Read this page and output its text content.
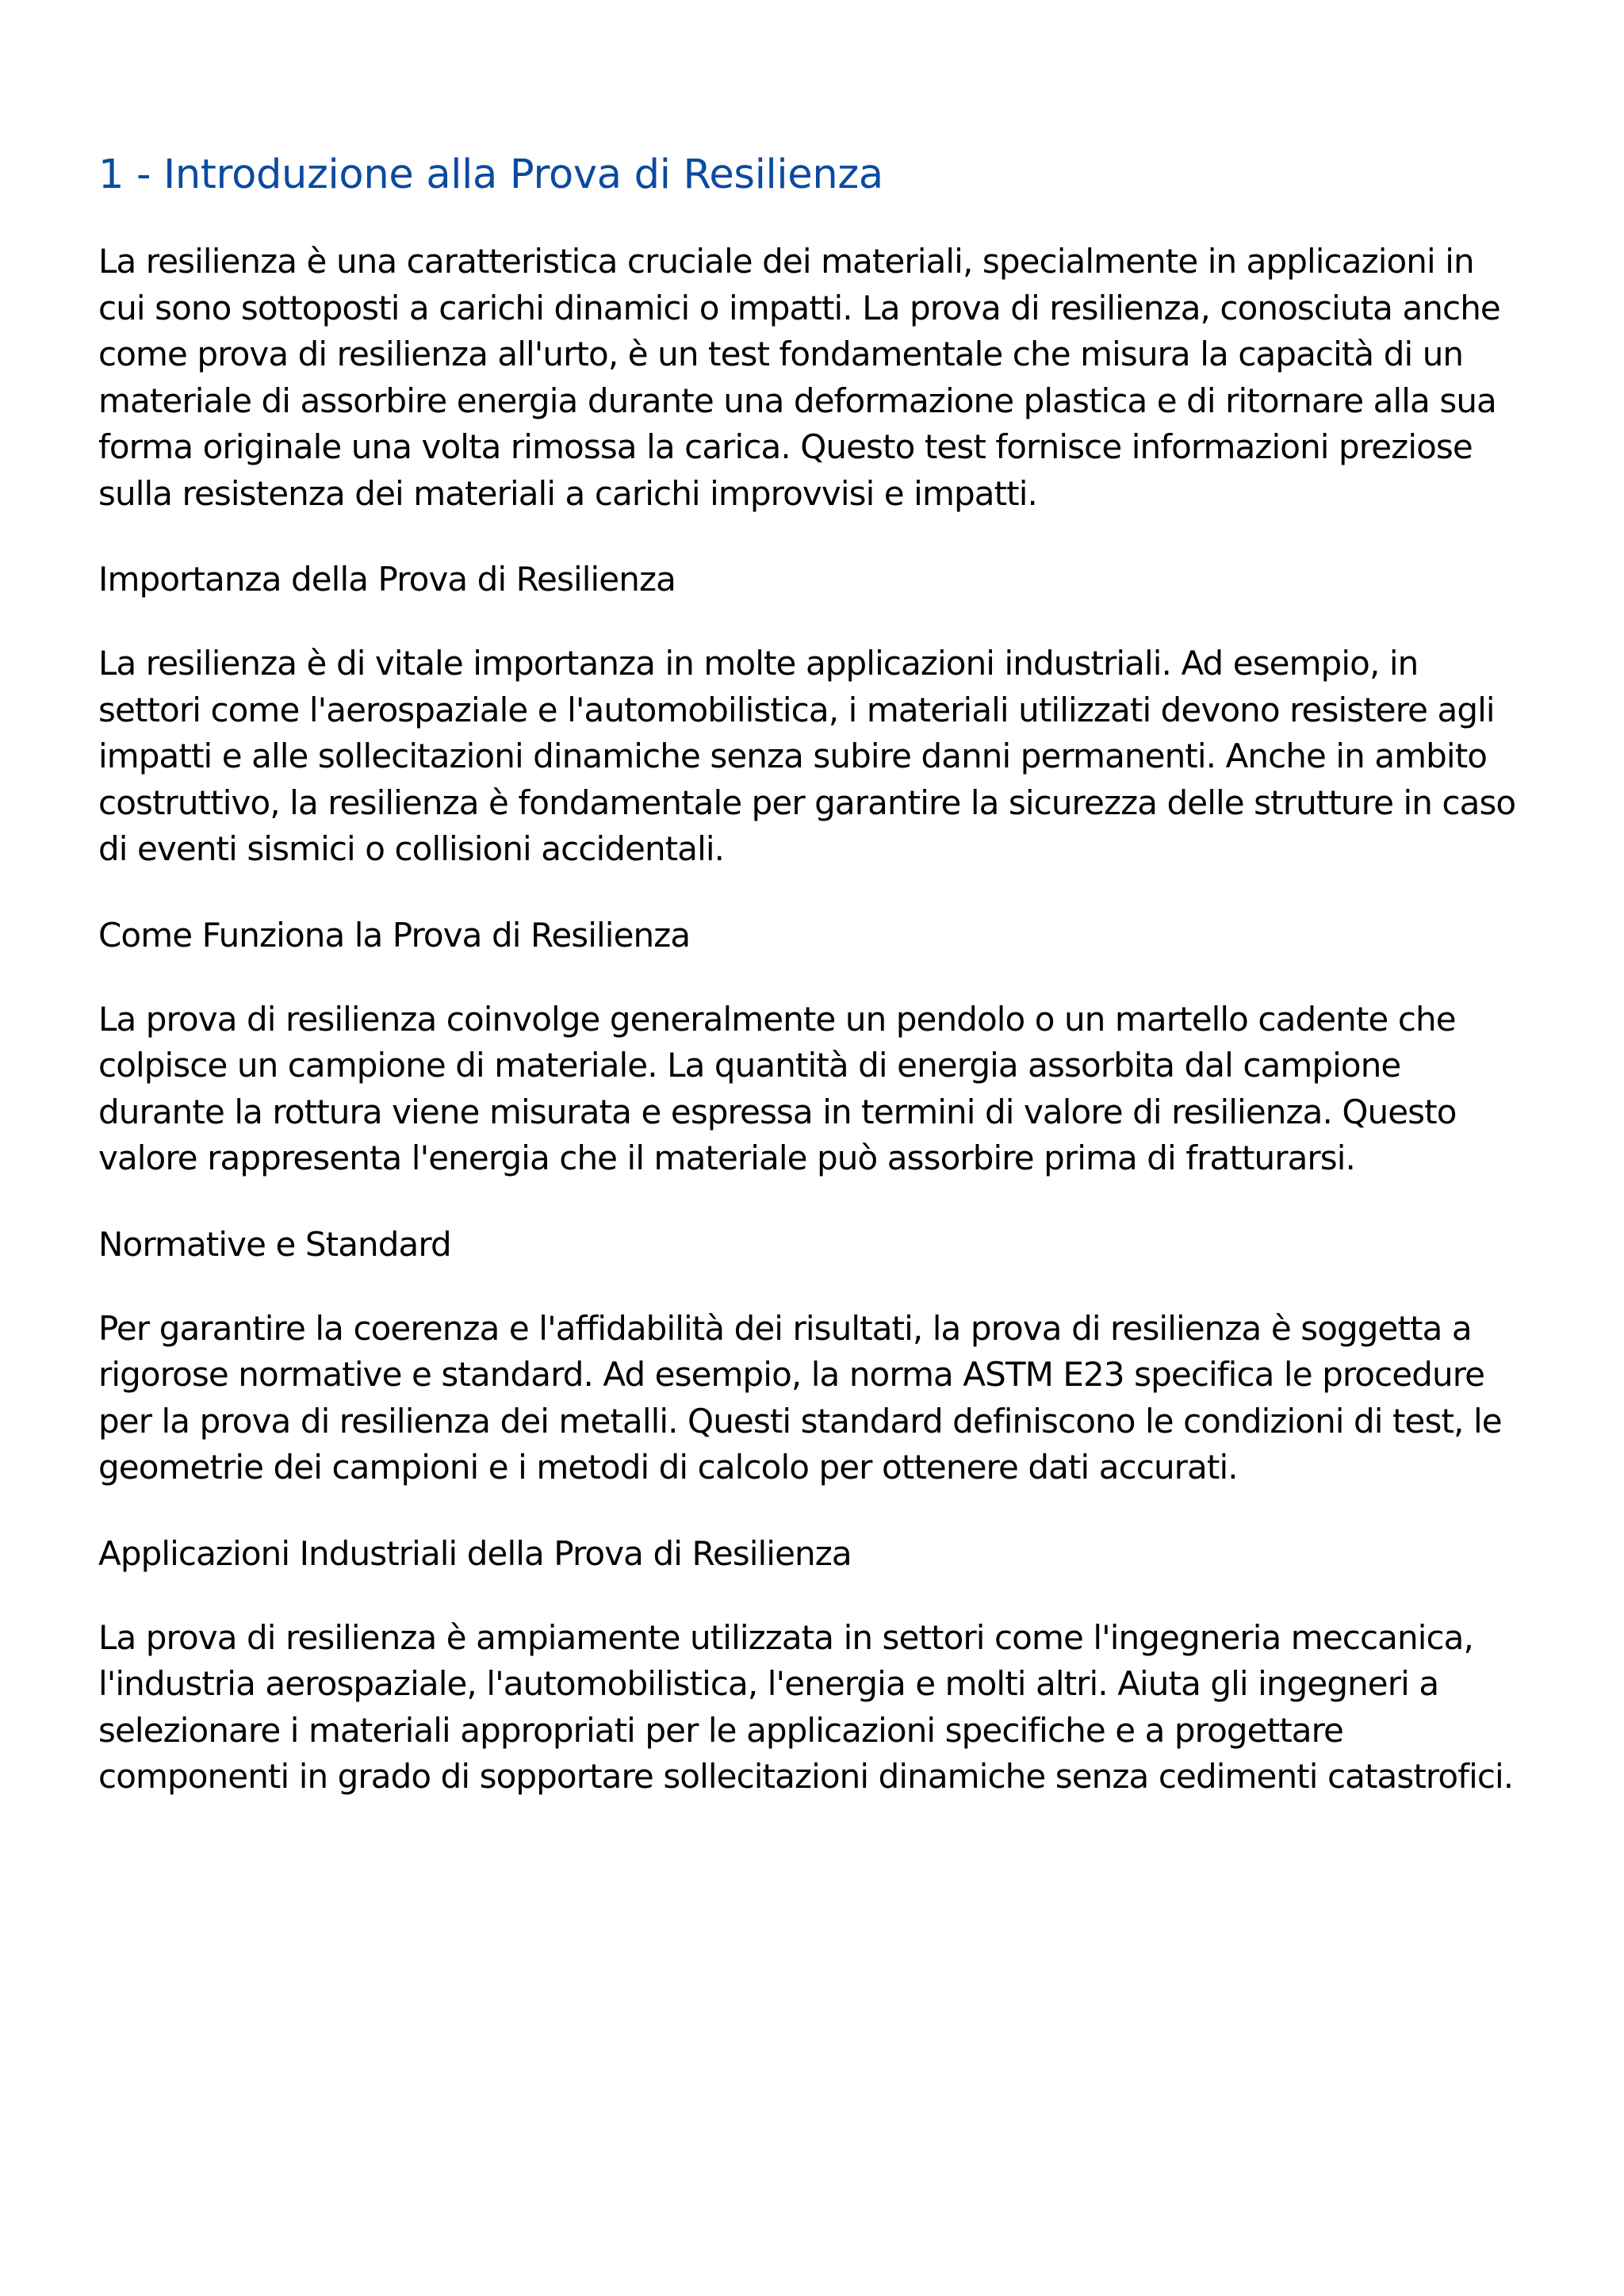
1 - Introduzione alla Prova di Resilienza

La resilienza è una caratteristica cruciale dei materiali, specialmente in applicazioni in cui sono sottoposti a carichi dinamici o impatti. La prova di resilienza, conosciuta anche come prova di resilienza all'urto, è un test fondamentale che misura la capacità di un materiale di assorbire energia durante una deformazione plastica e di ritornare alla sua forma originale una volta rimossa la carica. Questo test fornisce informazioni preziose sulla resistenza dei materiali a carichi improvvisi e impatti.

Importanza della Prova di Resilienza

La resilienza è di vitale importanza in molte applicazioni industriali. Ad esempio, in settori come l'aerospaziale e l'automobilistica, i materiali utilizzati devono resistere agli impatti e alle sollecitazioni dinamiche senza subire danni permanenti. Anche in ambito costruttivo, la resilienza è fondamentale per garantire la sicurezza delle strutture in caso di eventi sismici o collisioni accidentali.

Come Funziona la Prova di Resilienza

La prova di resilienza coinvolge generalmente un pendolo o un martello cadente che colpisce un campione di materiale. La quantità di energia assorbita dal campione durante la rottura viene misurata e espressa in termini di valore di resilienza. Questo valore rappresenta l'energia che il materiale può assorbire prima di fratturarsi.

Normative e Standard

Per garantire la coerenza e l'affidabilità dei risultati, la prova di resilienza è soggetta a rigorose normative e standard. Ad esempio, la norma ASTM E23 specifica le procedure per la prova di resilienza dei metalli. Questi standard definiscono le condizioni di test, le geometrie dei campioni e i metodi di calcolo per ottenere dati accurati.

Applicazioni Industriali della Prova di Resilienza

La prova di resilienza è ampiamente utilizzata in settori come l'ingegneria meccanica, l'industria aerospaziale, l'automobilistica, l'energia e molti altri. Aiuta gli ingegneri a selezionare i materiali appropriati per le applicazioni specifiche e a progettare componenti in grado di sopportare sollecitazioni dinamiche senza cedimenti catastrofici.
